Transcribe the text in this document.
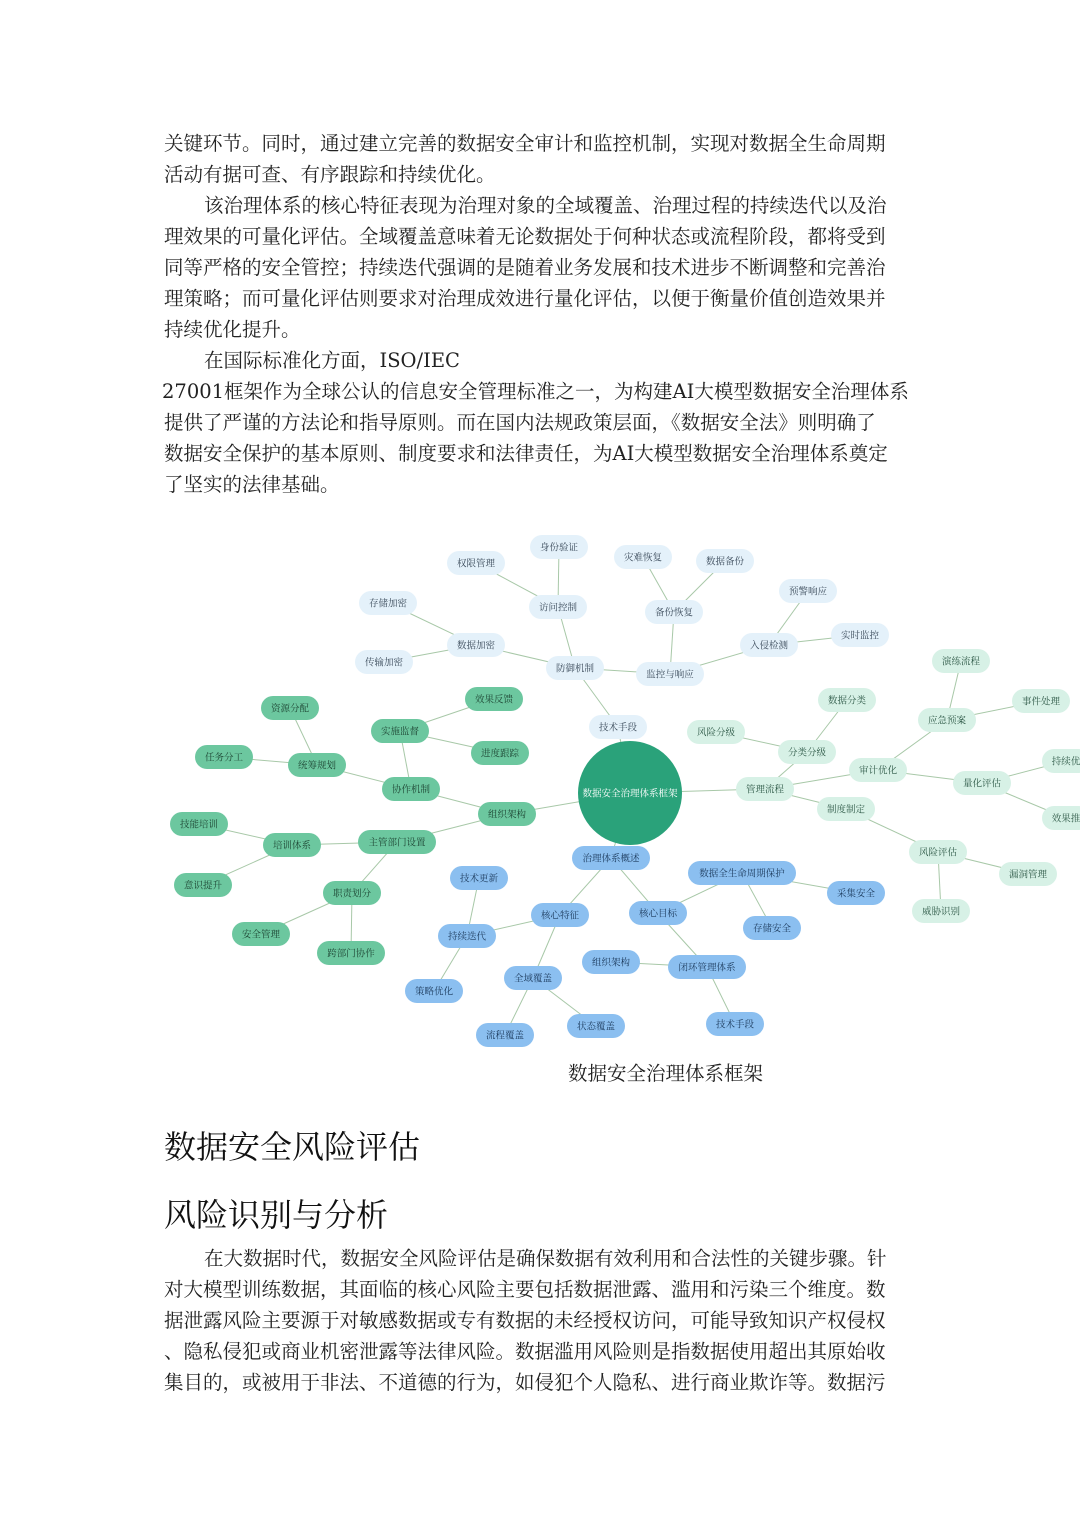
关键环节。同时，通过建立完善的数据安全审计和监控机制，实现对数据全生命周期
活动有据可查、有序跟踪和持续优化。
该治理体系的核心特征表现为治理对象的全域覆盖、治理过程的持续迭代以及治
理效果的可量化评估。全域覆盖意味着无论数据处于何种状态或流程阶段，都将受到
同等严格的安全管控；持续迭代强调的是随着业务发展和技术进步不断调整和完善治
理策略；而可量化评估则要求对治理成效进行量化评估，以便于衡量价值创造效果并
持续优化提升。
在国际标准化方面，ISO/IEC
27001框架作为全球公认的信息安全管理标准之一，为构建AI大模型数据安全治理体系
提供了严谨的方法论和指导原则。而在国内法规政策层面，《数据安全法》则明确了
数据安全保护的基本原则、制度要求和法律责任，为AI大模型数据安全治理体系奠定
了坚实的法律基础。
数据安全治理体系框架
技术手段
防御机制
访问控制
身份验证
权限管理
数据加密
存储加密
传输加密
监控与响应
备份恢复
灾难恢复	数据备份
入侵检测
预警响应
实时监控
组织架构
协作机制
实施监督
效果反馈
进度跟踪
统筹规划
资源分配
任务分工
主管部门设置
培训体系
技能培训
意识提升
职责划分
安全管理
跨部门协作
治理体系概述
核心特征
持续迭代
技术更新
策略优化
全域覆盖
流程覆盖
状态覆盖
核心目标
数据全生命周期保护
采集安全
存储安全
闭环管理体系
组织架构
技术手段
管理流程
分类分级
风险分级
数据分类
审计优化
应急预案
演练流程
事件处理
量化评估
持续优
效果推
制度制定
风险评估
漏洞管理
威胁识别
数据安全治理体系框架
数据安全风险评估
风险识别与分析
在大数据时代，数据安全风险评估是确保数据有效利用和合法性的关键步骤。针
对大模型训练数据，其面临的核心风险主要包括数据泄露、滥用和污染三个维度。数
据泄露风险主要源于对敏感数据或专有数据的未经授权访问，可能导致知识产权侵权
、隐私侵犯或商业机密泄露等法律风险。数据滥用风险则是指数据使用超出其原始收
集目的，或被用于非法、不道德的行为，如侵犯个人隐私、进行商业欺诈等。数据污
